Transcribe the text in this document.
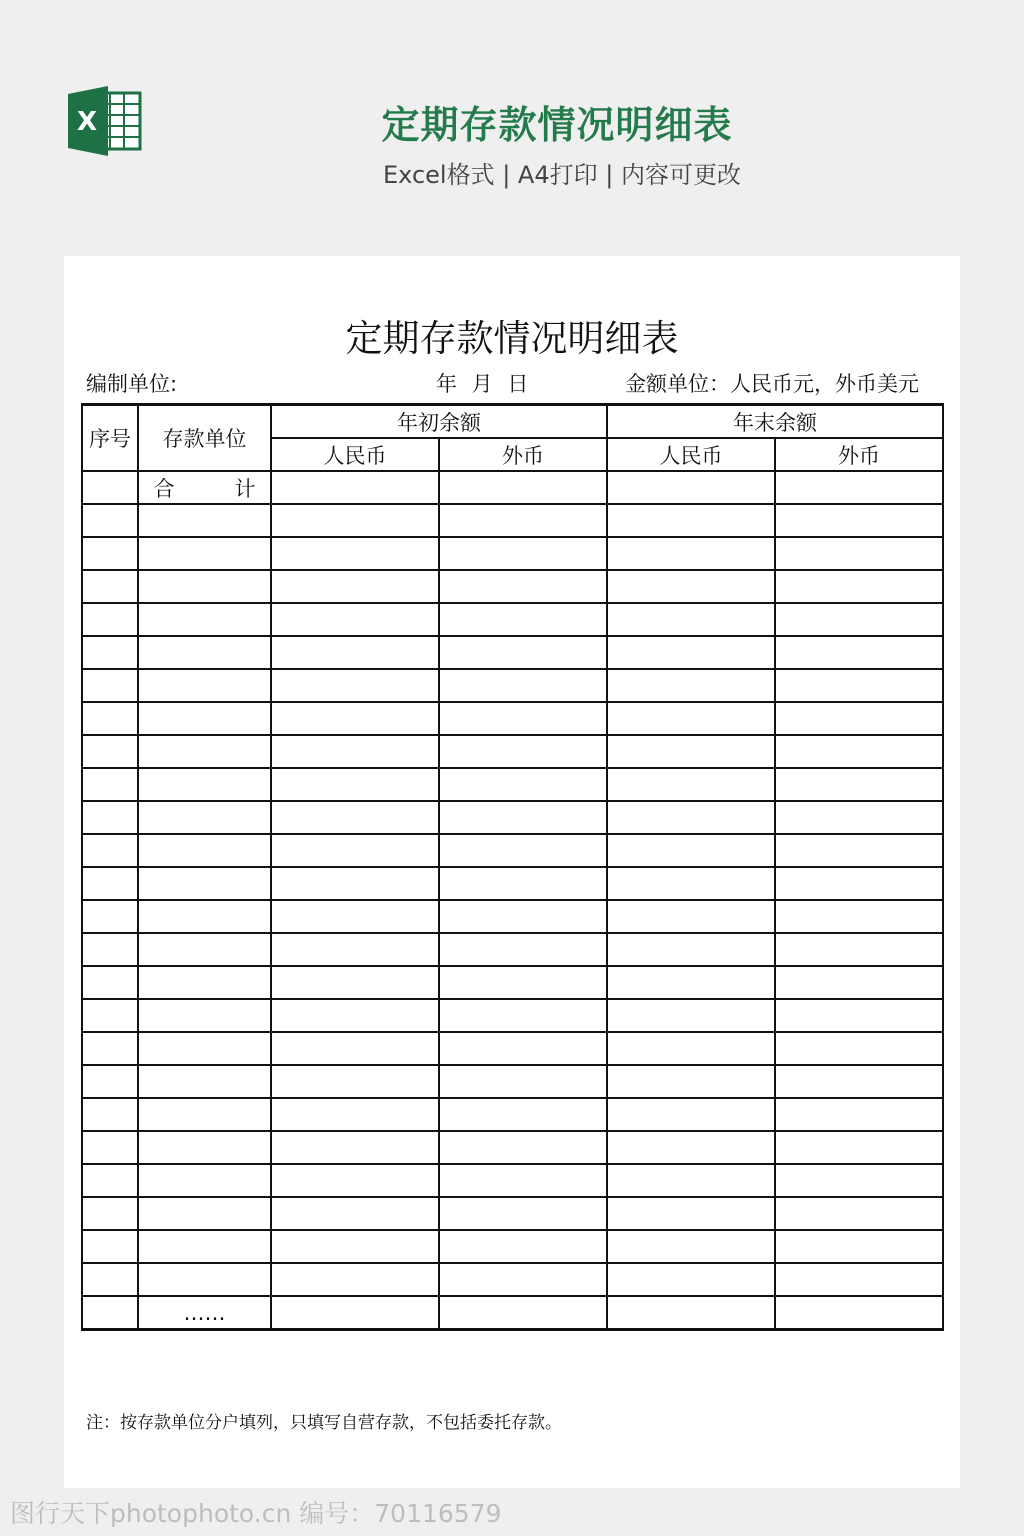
X	定期存款情况明细表
Excel格式 | A4打印 | 内容可更改
定期存款情况明细表
编制单位:	年 月 日	金额单位：人民币元，外币美元
序号	存款单位	年初余额		年末余额	
		人民币	外币	人民币	外币
	合 计				

	……				
注：按存款单位分户填列，只填写自营存款，不包括委托存款。
图行天下photophoto.cn 编号：70116579
